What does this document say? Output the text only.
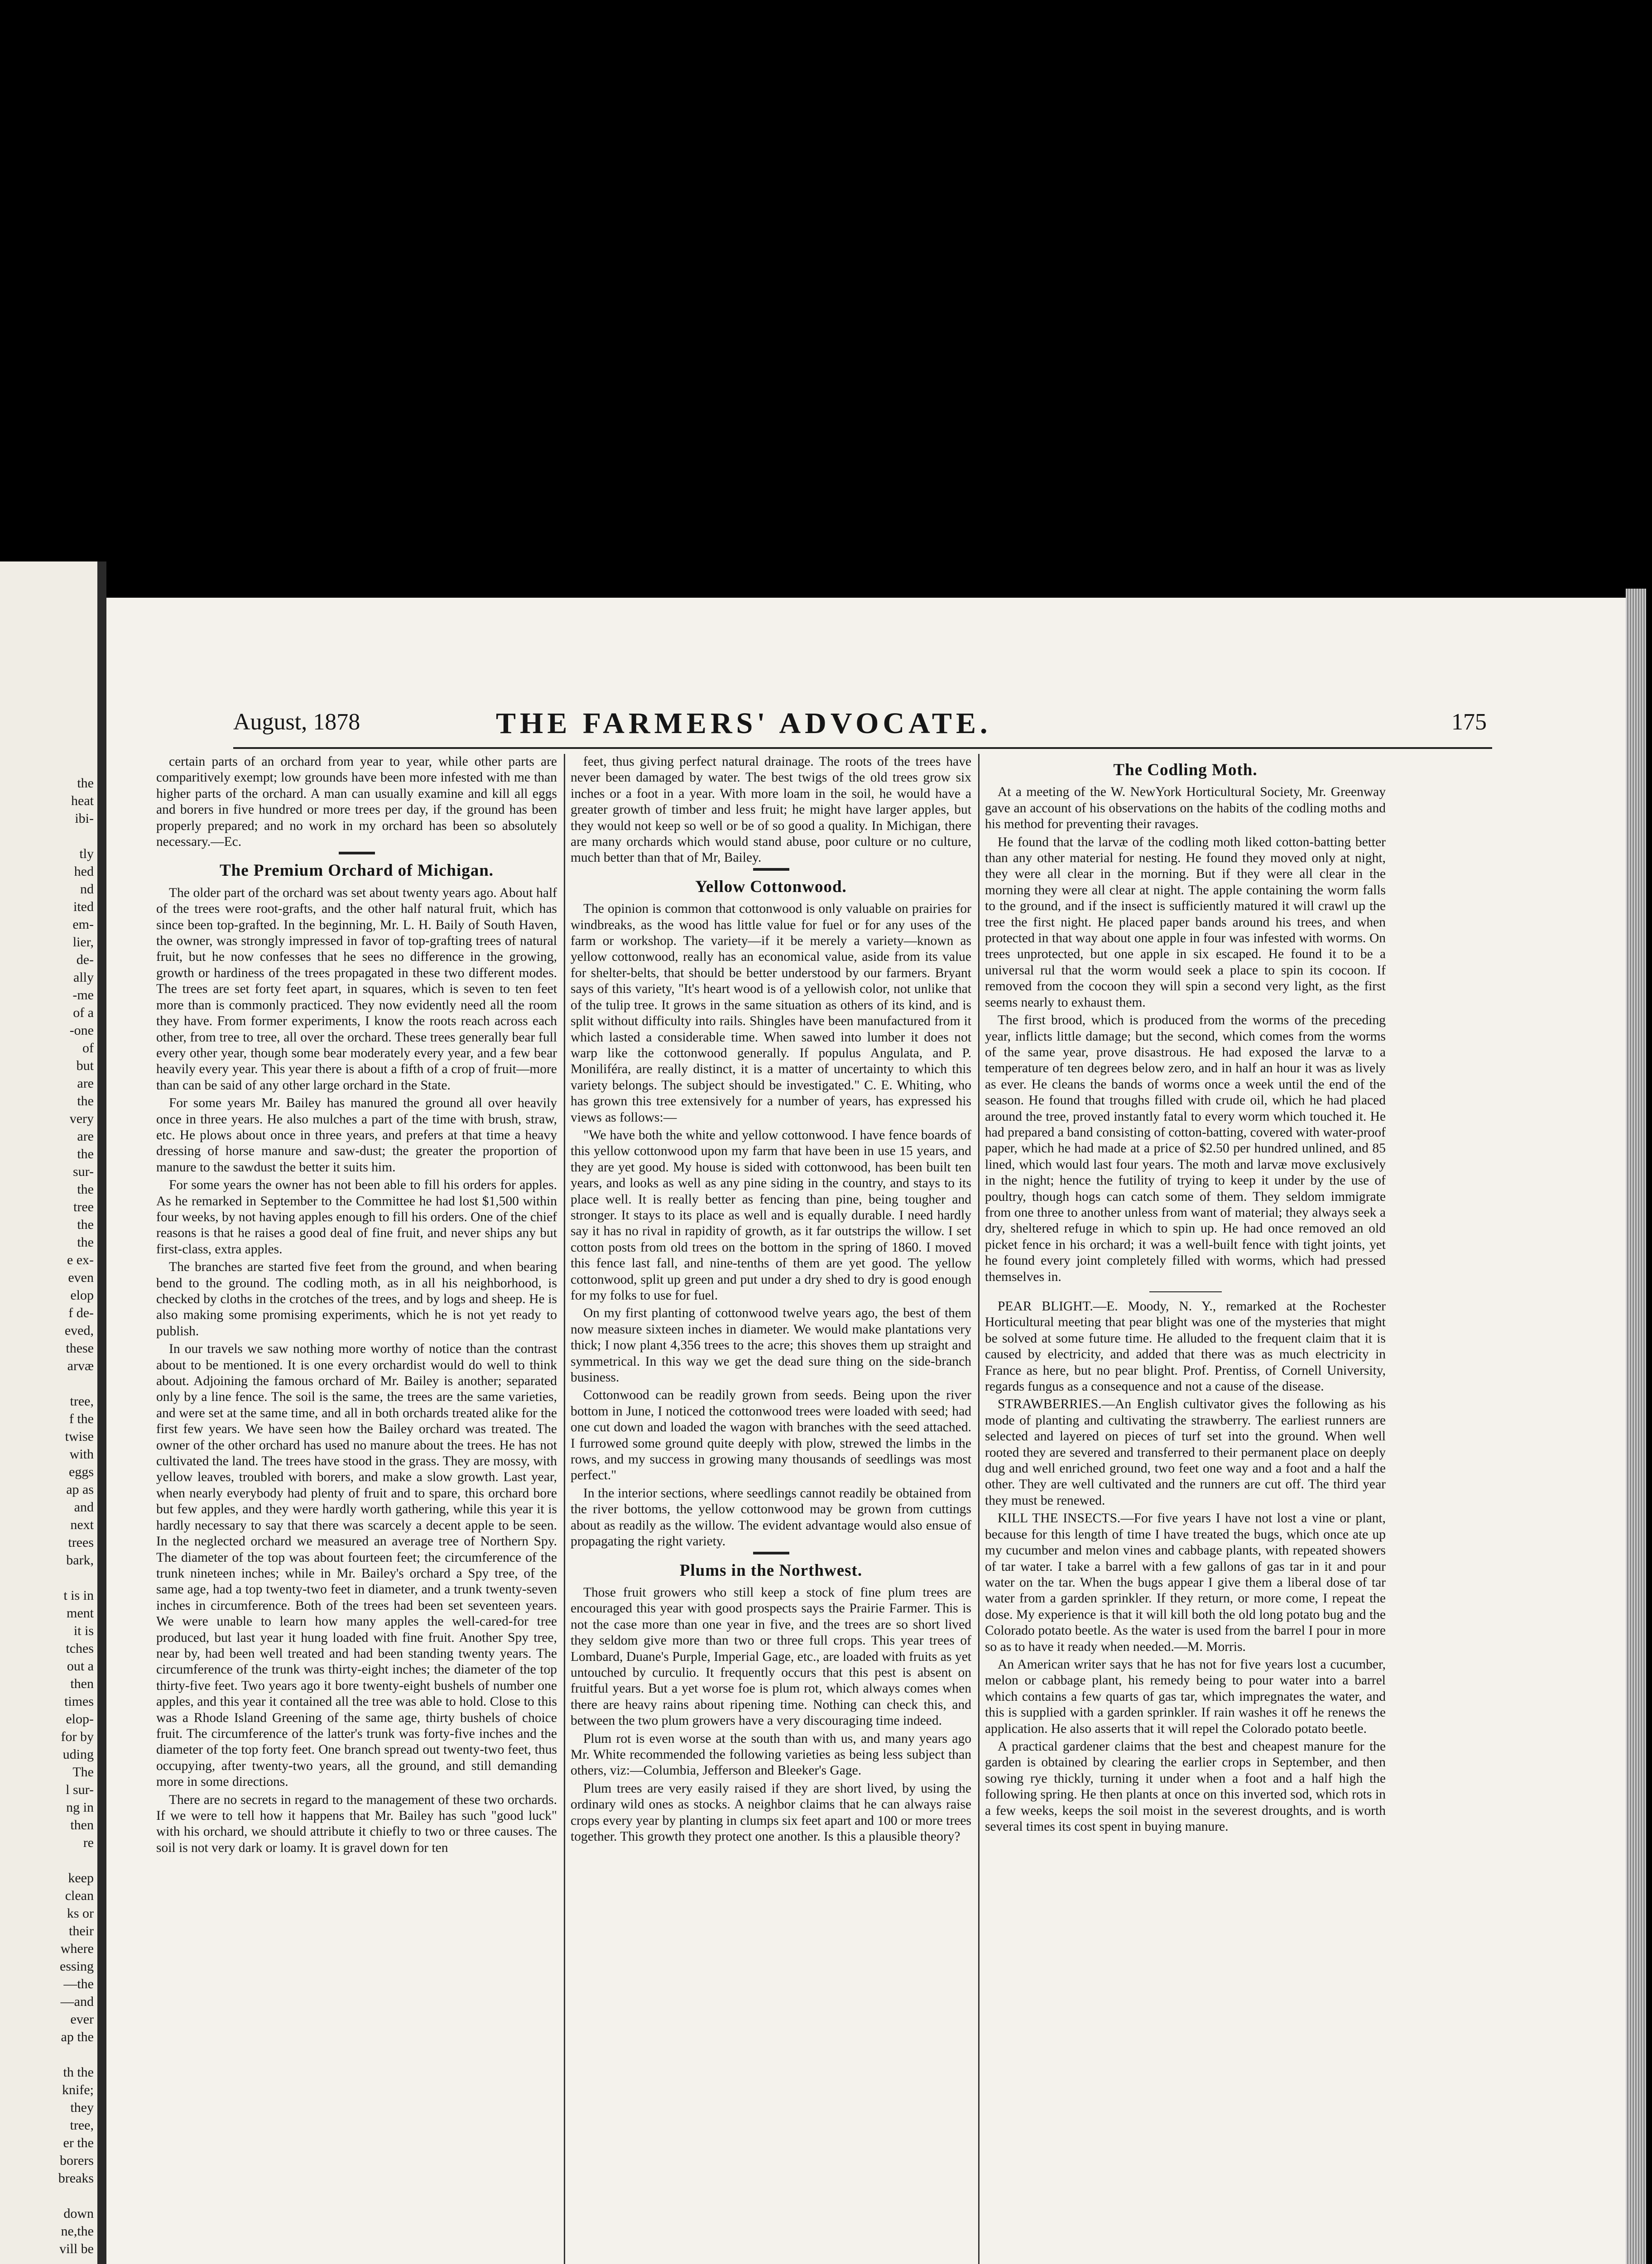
the
heat
ibi-

tly
hed
nd
ited
em-
lier,
de-
ally
-me
of a
-one
of
but
are
the
very
are
the
sur-
the
tree
the
the
e ex-
even
elop
f de-
eved,
these
arvæ

tree,
f the
twise
with
eggs
ap as
and
next
trees
bark,

t is in
ment
it is
tches
out a
then
times
elop-
for by
uding
The
l sur-
ng in
then
re

keep
clean
ks or
their
where
essing
—the
—and
ever
ap the

th the
knife;
they
tree,
er the
borers
breaks

down
ne,the
vill be

August, 1878	THE FARMERS' ADVOCATE.	175

certain parts of an orchard from year to year, while other parts are comparitively exempt; low grounds have been more infested with me than higher parts of the orchard. A man can usually examine and kill all eggs and borers in five hundred or more trees per day, if the ground has been properly prepared; and no work in my orchard has been so absolutely necessary.—Ec.

The Premium Orchard of Michigan.

The older part of the orchard was set about twenty years ago. About half of the trees were root-grafts, and the other half natural fruit, which has since been top-grafted. In the beginning, Mr. L. H. Baily of South Haven, the owner, was strongly impressed in favor of top-grafting trees of natural fruit, but he now confesses that he sees no difference in the growing, growth or hardiness of the trees propagated in these two different modes. The trees are set forty feet apart, in squares, which is seven to ten feet more than is commonly practiced. They now evidently need all the room they have. From former experiments, I know the roots reach across each other, from tree to tree, all over the orchard. These trees generally bear full every other year, though some bear moderately every year, and a few bear heavily every year. This year there is about a fifth of a crop of fruit—more than can be said of any other large orchard in the State.

For some years Mr. Bailey has manured the ground all over heavily once in three years. He also mulches a part of the time with brush, straw, etc. He plows about once in three years, and prefers at that time a heavy dressing of horse manure and saw-dust; the greater the proportion of manure to the sawdust the better it suits him.

For some years the owner has not been able to fill his orders for apples. As he remarked in September to the Committee he had lost $1,500 within four weeks, by not having apples enough to fill his orders. One of the chief reasons is that he raises a good deal of fine fruit, and never ships any but first-class, extra apples.

The branches are started five feet from the ground, and when bearing bend to the ground. The codling moth, as in all his neighborhood, is checked by cloths in the crotches of the trees, and by logs and sheep. He is also making some promising experiments, which he is not yet ready to publish.

In our travels we saw nothing more worthy of notice than the contrast about to be mentioned. It is one every orchardist would do well to think about. Adjoining the famous orchard of Mr. Bailey is another; separated only by a line fence. The soil is the same, the trees are the same varieties, and were set at the same time, and all in both orchards treated alike for the first few years. We have seen how the Bailey orchard was treated. The owner of the other orchard has used no manure about the trees. He has not cultivated the land. The trees have stood in the grass. They are mossy, with yellow leaves, troubled with borers, and make a slow growth. Last year, when nearly everybody had plenty of fruit and to spare, this orchard bore but few apples, and they were hardly worth gathering, while this year it is hardly necessary to say that there was scarcely a decent apple to be seen. In the neglected orchard we measured an average tree of Northern Spy. The diameter of the top was about fourteen feet; the circumference of the trunk nineteen inches; while in Mr. Bailey's orchard a Spy tree, of the same age, had a top twenty-two feet in diameter, and a trunk twenty-seven inches in circumference. Both of the trees had been set seventeen years. We were unable to learn how many apples the well-cared-for tree produced, but last year it hung loaded with fine fruit. Another Spy tree, near by, had been well treated and had been standing twenty years. The circumference of the trunk was thirty-eight inches; the diameter of the top thirty-five feet. Two years ago it bore twenty-eight bushels of number one apples, and this year it contained all the tree was able to hold. Close to this was a Rhode Island Greening of the same age, thirty bushels of choice fruit. The circumference of the latter's trunk was forty-five inches and the diameter of the top forty feet. One branch spread out twenty-two feet, thus occupying, after twenty-two years, all the ground, and still demanding more in some directions.

There are no secrets in regard to the management of these two orchards. If we were to tell how it happens that Mr. Bailey has such "good luck" with his orchard, we should attribute it chiefly to two or three causes. The soil is not very dark or loamy. It is gravel down for ten

feet, thus giving perfect natural drainage. The roots of the trees have never been damaged by water. The best twigs of the old trees grow six inches or a foot in a year. With more loam in the soil, he would have a greater growth of timber and less fruit; he might have larger apples, but they would not keep so well or be of so good a quality. In Michigan, there are many orchards which would stand abuse, poor culture or no culture, much better than that of Mr, Bailey.

Yellow Cottonwood.

The opinion is common that cottonwood is only valuable on prairies for windbreaks, as the wood has little value for fuel or for any uses of the farm or workshop. The variety—if it be merely a variety—known as yellow cottonwood, really has an economical value, aside from its value for shelter-belts, that should be better understood by our farmers. Bryant says of this variety, "It's heart wood is of a yellowish color, not unlike that of the tulip tree. It grows in the same situation as others of its kind, and is split without difficulty into rails. Shingles have been manufactured from it which lasted a considerable time. When sawed into lumber it does not warp like the cottonwood generally. If populus Angulata, and P. Moniliféra, are really distinct, it is a matter of uncertainty to which this variety belongs. The subject should be investigated." C. E. Whiting, who has grown this tree extensively for a number of years, has expressed his views as follows:—

"We have both the white and yellow cottonwood. I have fence boards of this yellow cottonwood upon my farm that have been in use 15 years, and they are yet good. My house is sided with cottonwood, has been built ten years, and looks as well as any pine siding in the country, and stays to its place well. It is really better as fencing than pine, being tougher and stronger. It stays to its place as well and is equally durable. I need hardly say it has no rival in rapidity of growth, as it far outstrips the willow. I set cotton posts from old trees on the bottom in the spring of 1860. I moved this fence last fall, and nine-tenths of them are yet good. The yellow cottonwood, split up green and put under a dry shed to dry is good enough for my folks to use for fuel.

On my first planting of cottonwood twelve years ago, the best of them now measure sixteen inches in diameter. We would make plantations very thick; I now plant 4,356 trees to the acre; this shoves them up straight and symmetrical. In this way we get the dead sure thing on the side-branch business.

Cottonwood can be readily grown from seeds. Being upon the river bottom in June, I noticed the cottonwood trees were loaded with seed; had one cut down and loaded the wagon with branches with the seed attached. I furrowed some ground quite deeply with plow, strewed the limbs in the rows, and my success in growing many thousands of seedlings was most perfect."

In the interior sections, where seedlings cannot readily be obtained from the river bottoms, the yellow cottonwood may be grown from cuttings about as readily as the willow. The evident advantage would also ensue of propagating the right variety.

Plums in the Northwest.

Those fruit growers who still keep a stock of fine plum trees are encouraged this year with good prospects says the Prairie Farmer. This is not the case more than one year in five, and the trees are so short lived they seldom give more than two or three full crops. This year trees of Lombard, Duane's Purple, Imperial Gage, etc., are loaded with fruits as yet untouched by curculio. It frequently occurs that this pest is absent on fruitful years. But a yet worse foe is plum rot, which always comes when there are heavy rains about ripening time. Nothing can check this, and between the two plum growers have a very discouraging time indeed.

Plum rot is even worse at the south than with us, and many years ago Mr. White recommended the following varieties as being less subject than others, viz:—Columbia, Jefferson and Bleeker's Gage.

Plum trees are very easily raised if they are short lived, by using the ordinary wild ones as stocks. A neighbor claims that he can always raise crops every year by planting in clumps six feet apart and 100 or more trees together. This growth they protect one another. Is this a plausible theory?

The Codling Moth.

At a meeting of the W. NewYork Horticultural Society, Mr. Greenway gave an account of his observations on the habits of the codling moths and his method for preventing their ravages.

He found that the larvæ of the codling moth liked cotton-batting better than any other material for nesting. He found they moved only at night, they were all clear in the morning. But if they were all clear in the morning they were all clear at night. The apple containing the worm falls to the ground, and if the insect is sufficiently matured it will crawl up the tree the first night. He placed paper bands around his trees, and when protected in that way about one apple in four was infested with worms. On trees unprotected, but one apple in six escaped. He found it to be a universal rul that the worm would seek a place to spin its cocoon. If removed from the cocoon they will spin a second very light, as the first seems nearly to exhaust them.

The first brood, which is produced from the worms of the preceding year, inflicts little damage; but the second, which comes from the worms of the same year, prove disastrous. He had exposed the larvæ to a temperature of ten degrees below zero, and in half an hour it was as lively as ever. He cleans the bands of worms once a week until the end of the season. He found that troughs filled with crude oil, which he had placed around the tree, proved instantly fatal to every worm which touched it. He had prepared a band consisting of cotton-batting, covered with water-proof paper, which he had made at a price of $2.50 per hundred unlined, and 85 lined, which would last four years. The moth and larvæ move exclusively in the night; hence the futility of trying to keep it under by the use of poultry, though hogs can catch some of them. They seldom immigrate from one three to another unless from want of material; they always seek a dry, sheltered refuge in which to spin up. He had once removed an old picket fence in his orchard; it was a well-built fence with tight joints, yet he found every joint completely filled with worms, which had pressed themselves in.

PEAR BLIGHT.—E. Moody, N. Y., remarked at the Rochester Horticultural meeting that pear blight was one of the mysteries that might be solved at some future time. He alluded to the frequent claim that it is caused by electricity, and added that there was as much electricity in France as here, but no pear blight. Prof. Prentiss, of Cornell University, regards fungus as a consequence and not a cause of the disease.

STRAWBERRIES.—An English cultivator gives the following as his mode of planting and cultivating the strawberry. The earliest runners are selected and layered on pieces of turf set into the ground. When well rooted they are severed and transferred to their permanent place on deeply dug and well enriched ground, two feet one way and a foot and a half the other. They are well cultivated and the runners are cut off. The third year they must be renewed.

KILL THE INSECTS.—For five years I have not lost a vine or plant, because for this length of time I have treated the bugs, which once ate up my cucumber and melon vines and cabbage plants, with repeated showers of tar water. I take a barrel with a few gallons of gas tar in it and pour water on the tar. When the bugs appear I give them a liberal dose of tar water from a garden sprinkler. If they return, or more come, I repeat the dose. My experience is that it will kill both the old long potato bug and the Colorado potato beetle. As the water is used from the barrel I pour in more so as to have it ready when needed.—M. Morris.

An American writer says that he has not for five years lost a cucumber, melon or cabbage plant, his remedy being to pour water into a barrel which contains a few quarts of gas tar, which impregnates the water, and this is supplied with a garden sprinkler. If rain washes it off he renews the application. He also asserts that it will repel the Colorado potato beetle.

A practical gardener claims that the best and cheapest manure for the garden is obtained by clearing the earlier crops in September, and then sowing rye thickly, turning it under when a foot and a half high the following spring. He then plants at once on this inverted sod, which rots in a few weeks, keeps the soil moist in the severest droughts, and is worth several times its cost spent in buying manure.
